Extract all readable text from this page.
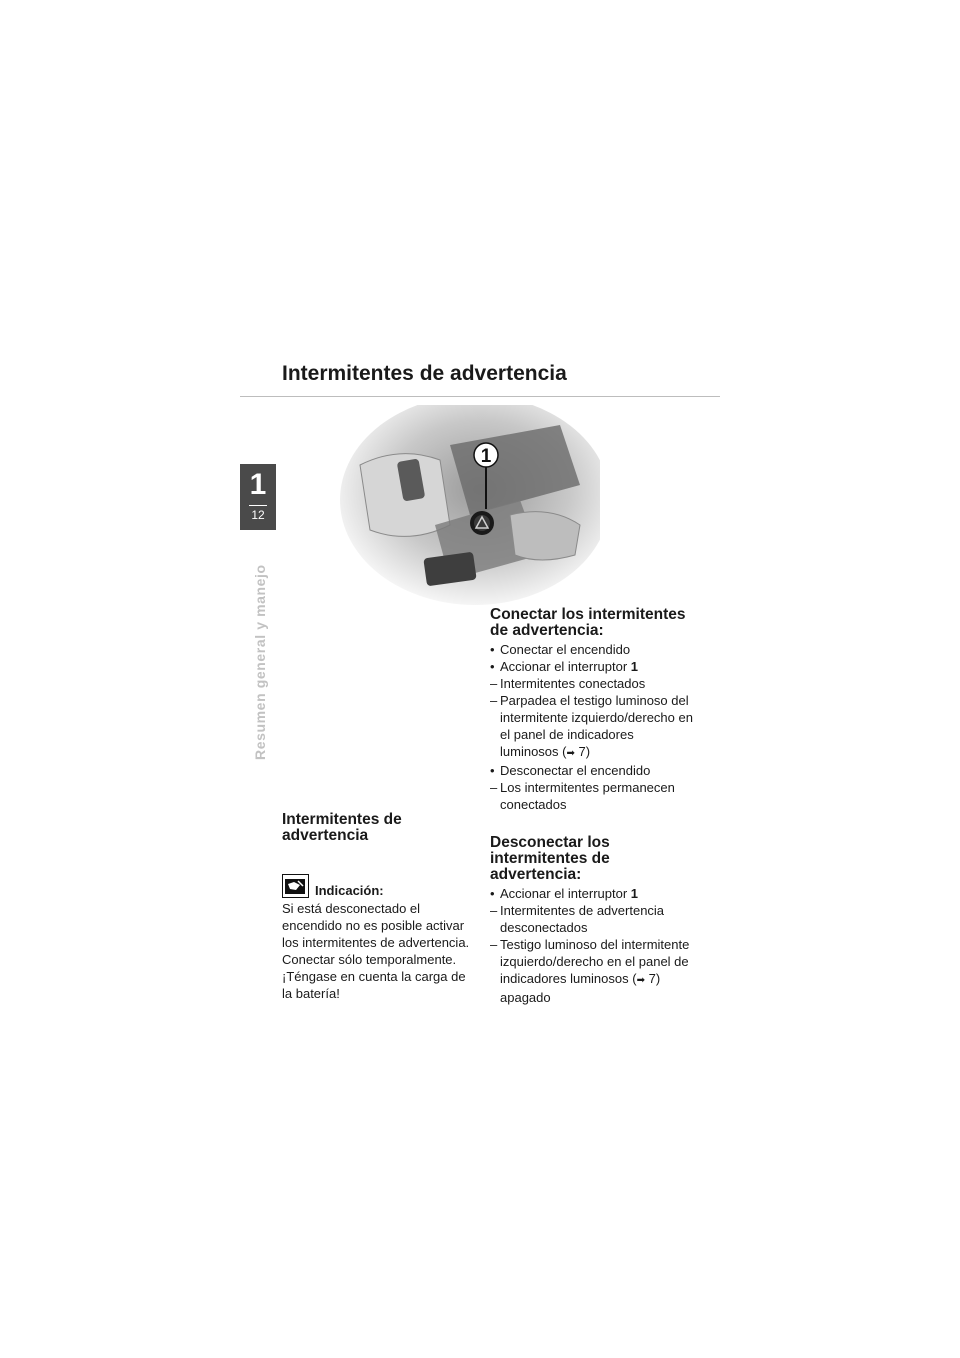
Intermitentes de advertencia
1
12
Resumen general y manejo
1
Intermitentes de advertencia
Indicación:

Si está desconectado el encendido no es posible activar los intermitentes de advertencia. Conectar sólo temporalmente. ¡Téngase en cuenta la carga de la batería!

Conectar los intermitentes de advertencia:
• Conectar el encendido
• Accionar el interruptor 1
– Intermitentes conectados
– Parpadea el testigo luminoso del intermitente izquierdo/derecho en el panel de indicadores luminosos (➡ 7)
• Desconectar el encendido
– Los intermitentes permanecen conectados
Desconectar los intermitentes de advertencia:
• Accionar el interruptor 1
– Intermitentes de advertencia desconectados
– Testigo luminoso del intermitente izquierdo/derecho en el panel de indicadores luminosos (➡ 7) apagado
